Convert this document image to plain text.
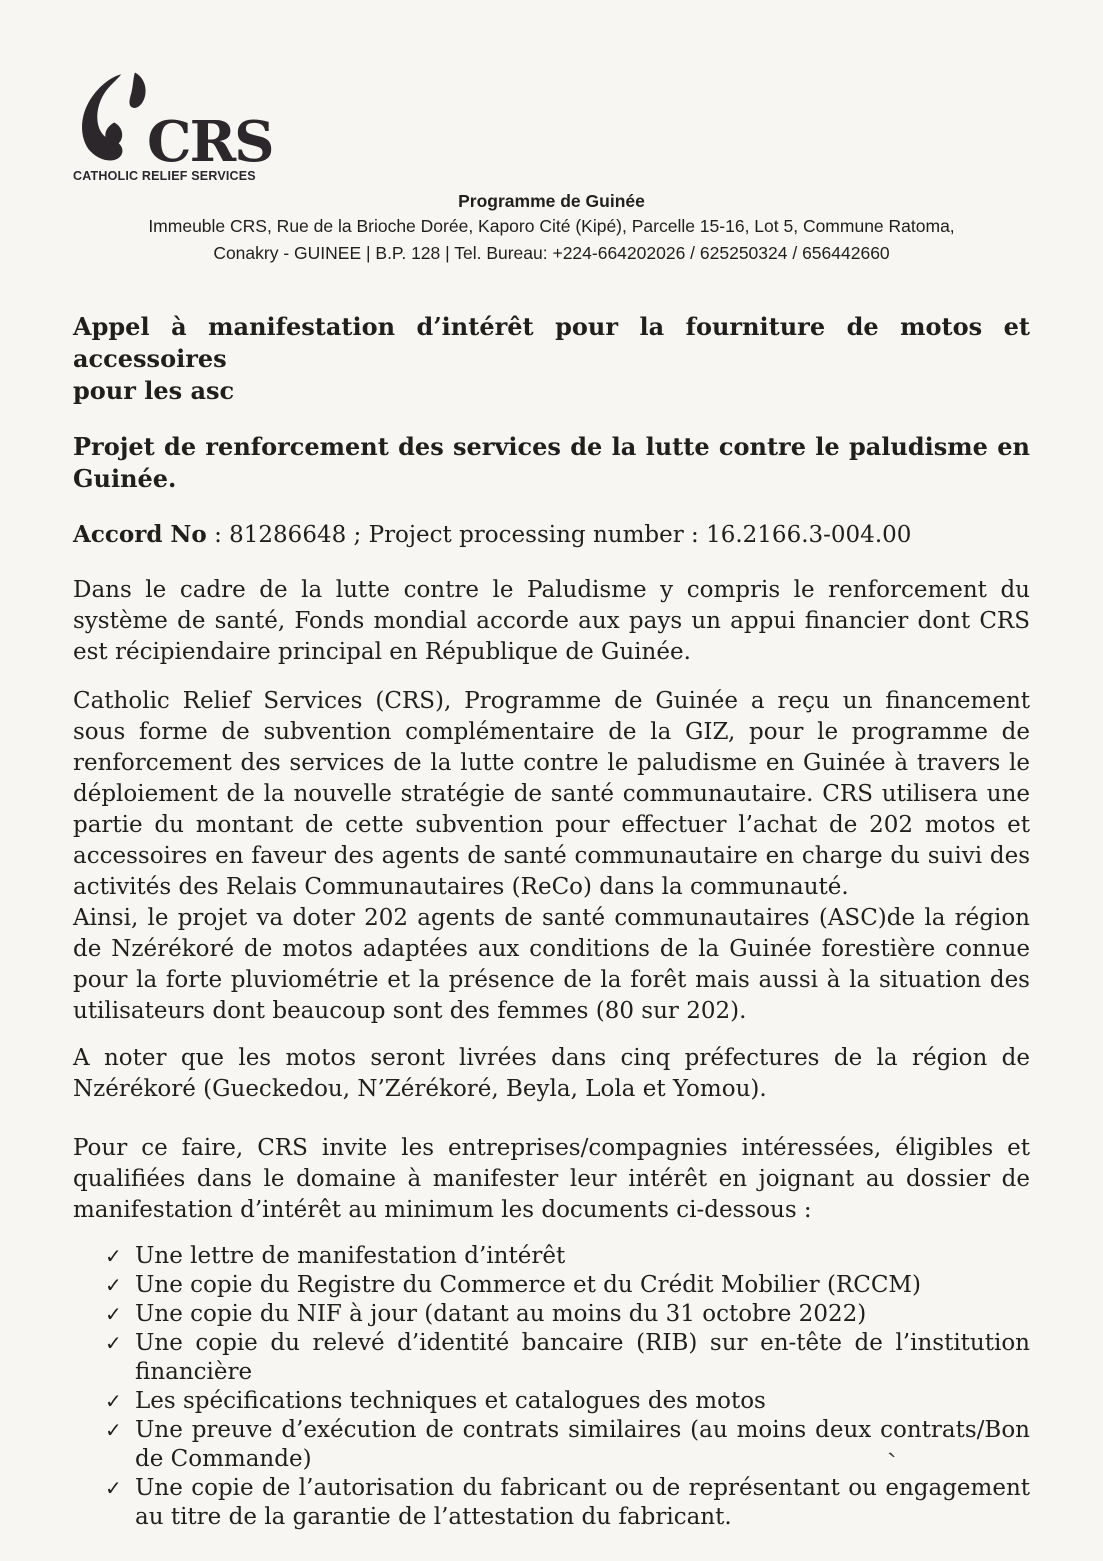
CRS
CATHOLIC RELIEF SERVICES
Programme de Guinée
Immeuble CRS, Rue de la Brioche Dorée, Kaporo Cité (Kipé), Parcelle 15-16, Lot 5, Commune Ratoma,
Conakry - GUINEE | B.P. 128 | Tel. Bureau: +224-664202026 / 625250324 / 656442660
Appel à manifestation d’intérêt pour la fourniture de motos et accessoires
pour les asc
Projet de renforcement des services de la lutte contre le paludisme en
Guinée.

Accord No : 81286648 ; Project processing number : 16.2166.3-004.00

Dans le cadre de la lutte contre le Paludisme y compris le renforcement du système de santé, Fonds mondial accorde aux pays un appui financier dont CRS est récipiendaire principal en République de Guinée.

Catholic Relief Services (CRS), Programme de Guinée a reçu un financement sous forme de subvention complémentaire de la GIZ, pour le programme de renforcement des services de la lutte contre le paludisme en Guinée à travers le déploiement de la nouvelle stratégie de santé communautaire. CRS utilisera une partie du montant de cette subvention pour effectuer l’achat de 202 motos et accessoires en faveur des agents de santé communautaire en charge du suivi des activités des Relais Communautaires (ReCo) dans la communauté.

Ainsi, le projet va doter 202 agents de santé communautaires (ASC)de la région de Nzérékoré de motos adaptées aux conditions de la Guinée forestière connue pour la forte pluviométrie et la présence de la forêt mais aussi à la situation des utilisateurs dont beaucoup sont des femmes (80 sur 202).

A noter que les motos seront livrées dans cinq préfectures de la région de Nzérékoré (Gueckedou, N’Zérékoré, Beyla, Lola et Yomou).

Pour ce faire, CRS invite les entreprises/compagnies intéressées, éligibles et qualifiées dans le domaine à manifester leur intérêt en joignant au dossier de manifestation d’intérêt au minimum les documents ci-dessous :

✓ Une lettre de manifestation d’intérêt
✓ Une copie du Registre du Commerce et du Crédit Mobilier (RCCM)
✓ Une copie du NIF à jour (datant au moins du 31 octobre 2022)
✓ Une copie du relevé d’identité bancaire (RIB) sur en-tête de l’institution financière
✓ Les spécifications techniques et catalogues des motos
✓ Une preuve d’exécution de contrats similaires (au moins deux contrats/Bon de Commande)
✓ Une copie de l’autorisation du fabricant ou de représentant ou engagement au titre de la garantie de l’attestation du fabricant.
`
